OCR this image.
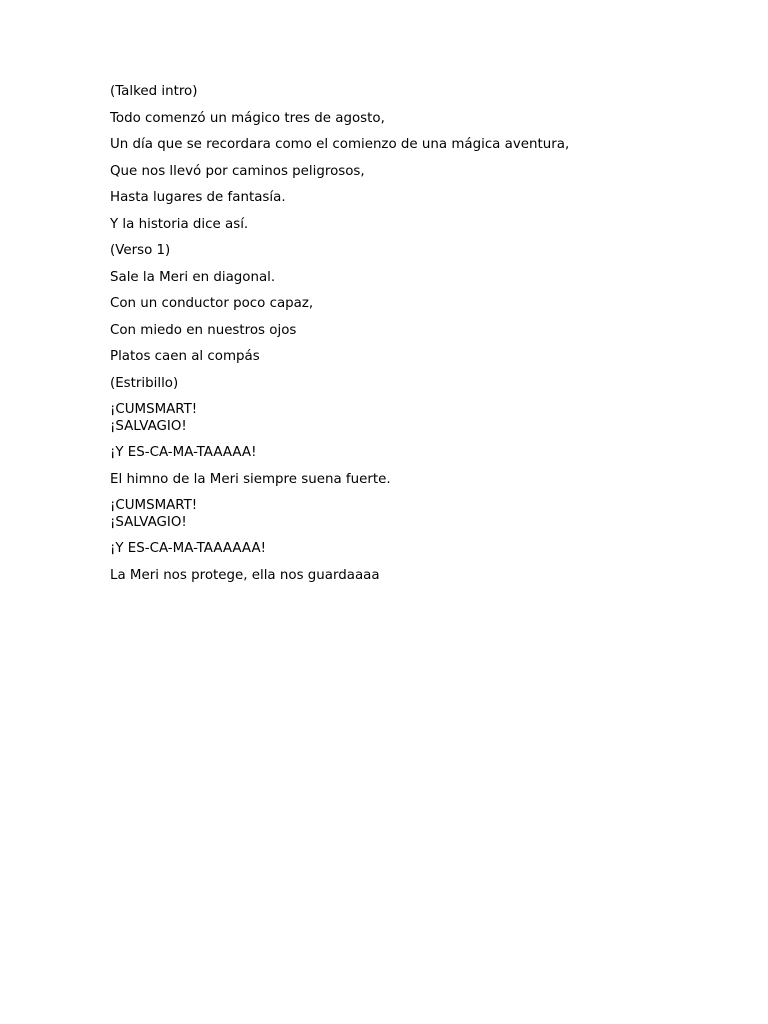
(Talked intro)

Todo comenzó un mágico tres de agosto,

Un día que se recordara como el comienzo de una mágica aventura,

Que nos llevó por caminos peligrosos,

Hasta lugares de fantasía.

Y la historia dice así.

(Verso 1)

Sale la Meri en diagonal.

Con un conductor poco capaz,

Con miedo en nuestros ojos

Platos caen al compás

(Estribillo)

¡CUMSMART!
¡SALVAGIO!

¡Y ES-CA-MA-TAAAAA!

El himno de la Meri siempre suena fuerte.

¡CUMSMART!
¡SALVAGIO!

¡Y ES-CA-MA-TAAAAAA!

La Meri nos protege, ella nos guardaaaa
